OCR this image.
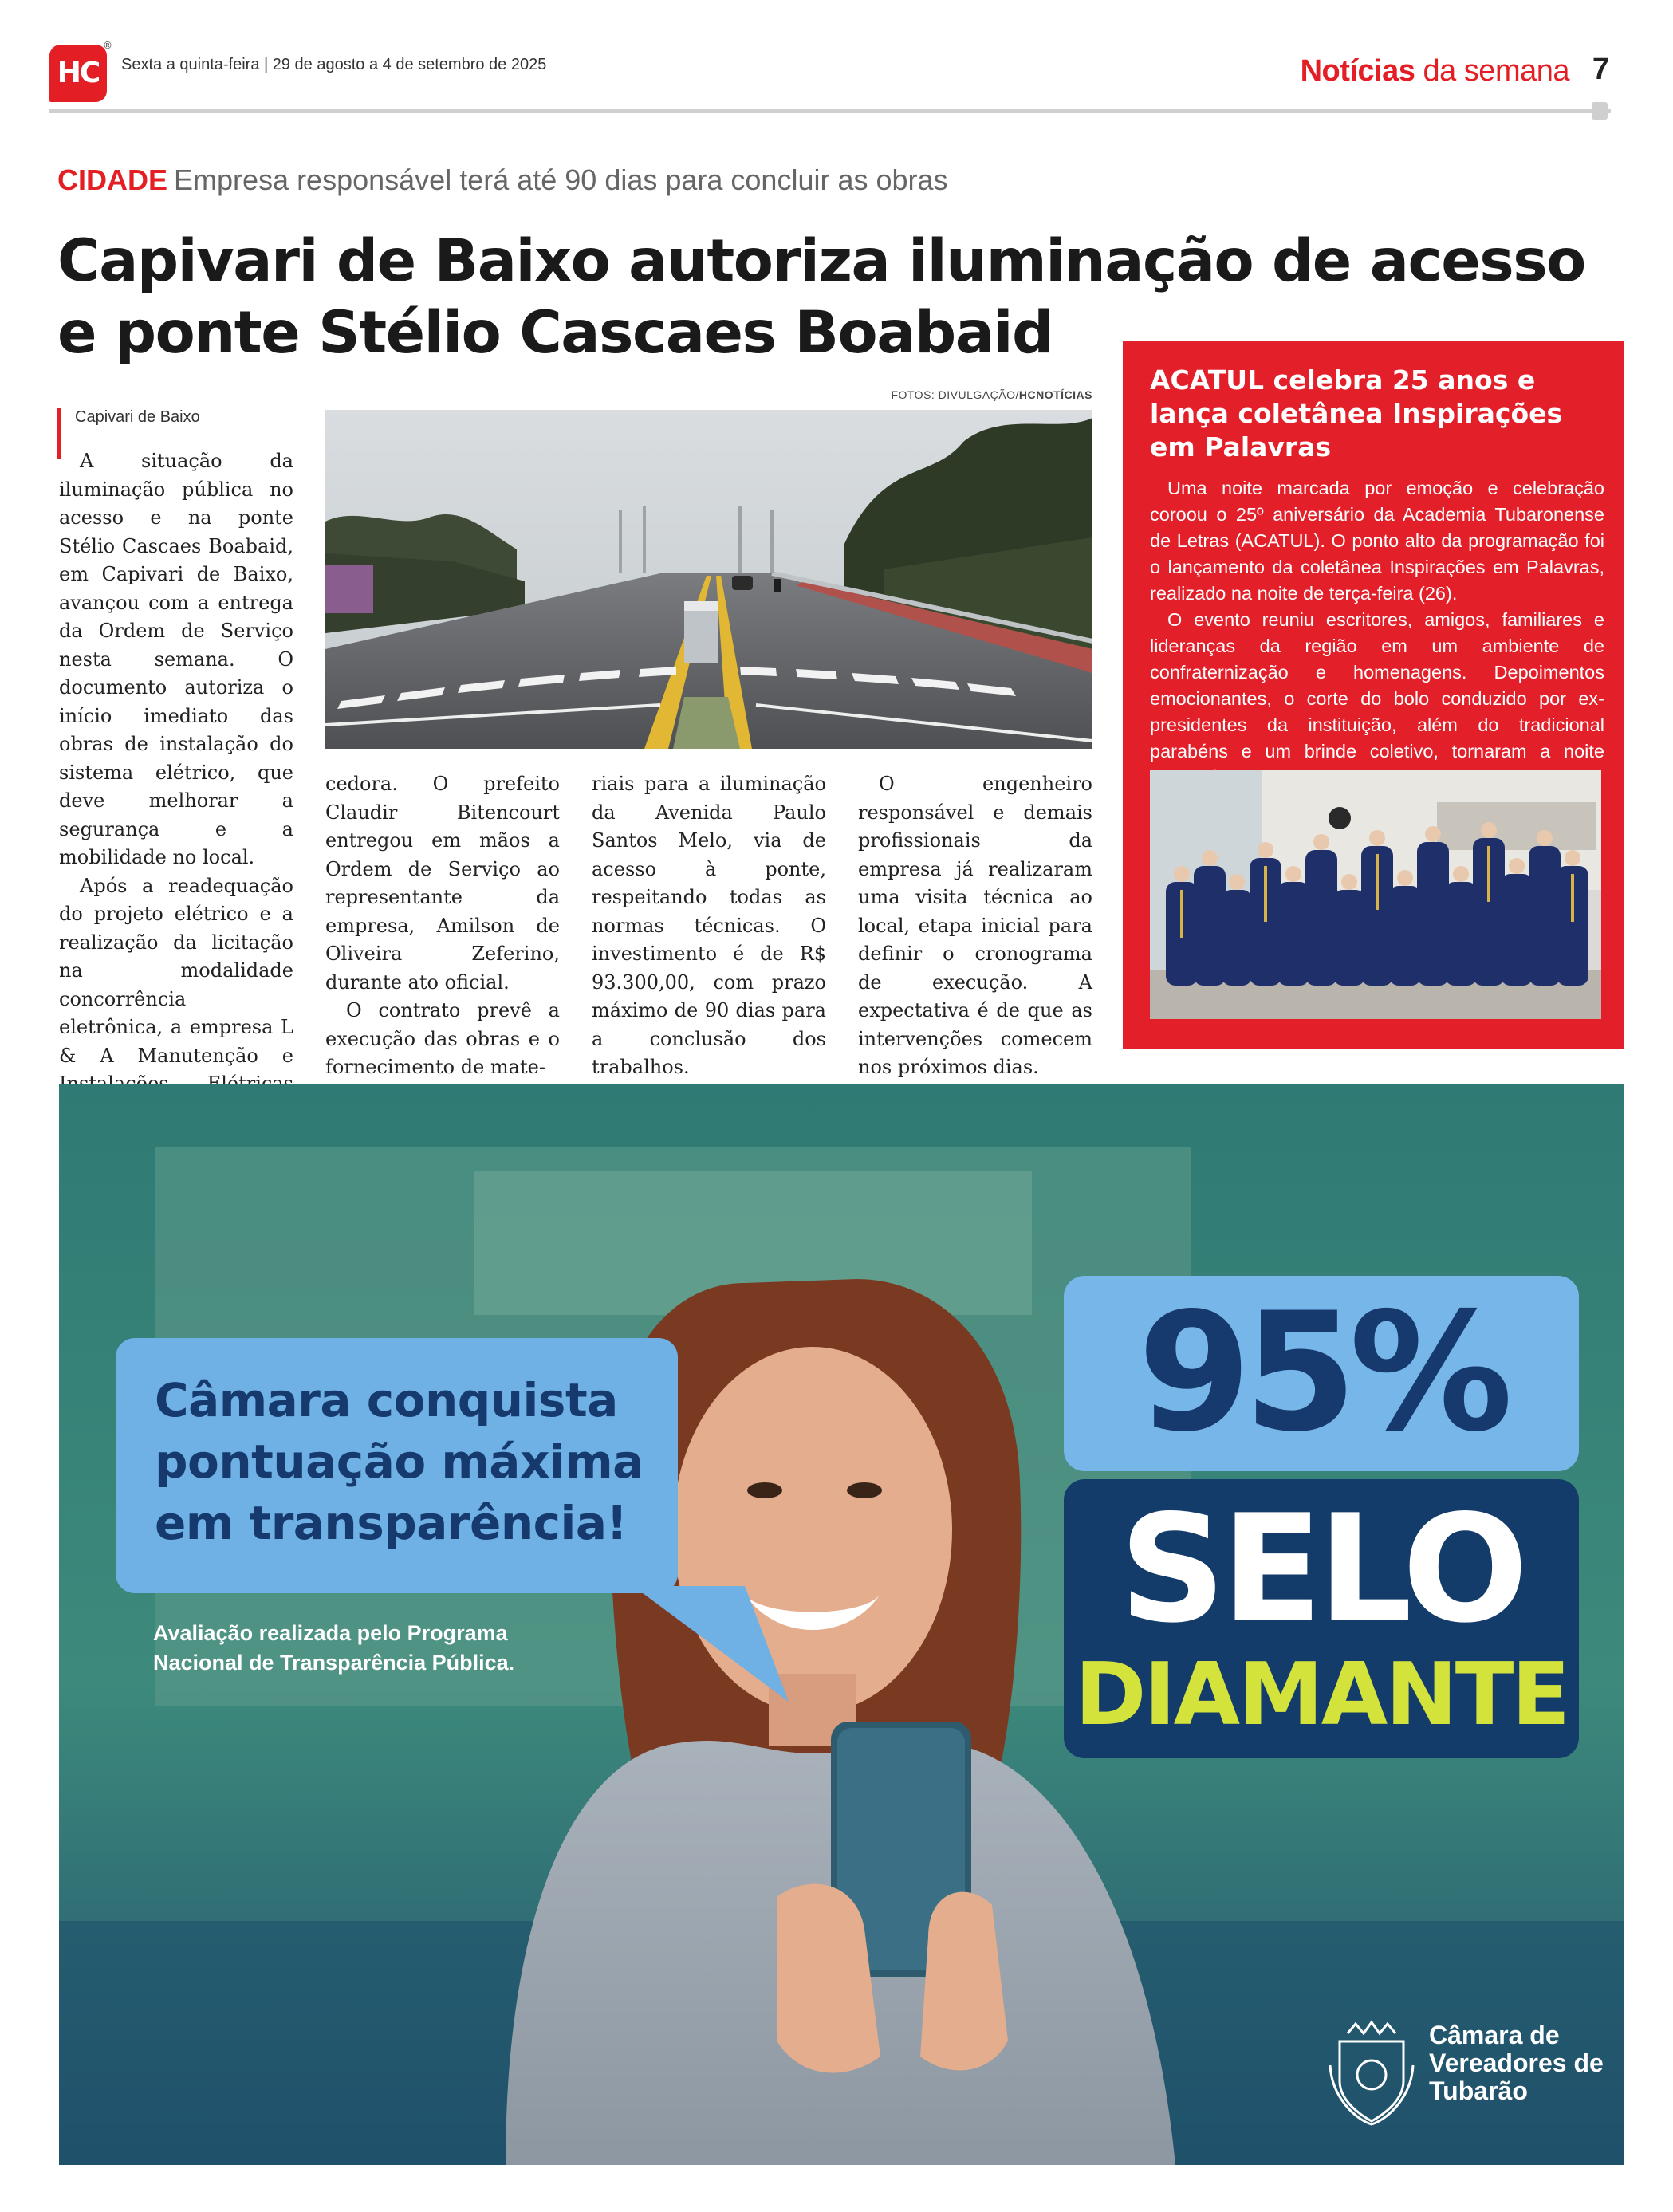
HC
®
Sexta a quinta-feira | 29 de agosto a 4 de setembro de 2025	Notícias da semana 7
CIDADE Empresa responsável terá até 90 dias para concluir as obras
Capivari de Baixo autoriza iluminação de acesso e ponte Stélio Cascaes Boabaid
FOTOS: DIVULGAÇÃO/HCNOTÍCIAS
Capivari de Baixo

A situação da iluminação pública no acesso e na ponte Stélio Cascaes Boabaid, em Capivari de Baixo, avançou com a entrega da Ordem de Serviço nesta semana. O documento autoriza o início imediato das obras de instalação do sistema elétrico, que deve melhorar a segurança e a mobilidade no local.

Após a readequação do projeto elétrico e a realização da licitação na modalidade concorrência eletrônica, a empresa L & A Manutenção e

cedora. O prefeito Claudir Bitencourt entregou em mãos a Ordem de Serviço ao representante da empresa, Amilson de Oliveira Zeferino, durante ato oficial.

O contrato prevê a execução das obras e o fornecimento de mate-

riais para a iluminação da Avenida Paulo Santos Melo, via de acesso à ponte, respeitando todas as normas técnicas. O investimento é de R$ 93.300,00, com prazo máximo de 90 dias para a conclusão dos trabalhos.

O engenheiro responsável e demais profissionais da empresa já realizaram uma visita técnica ao local, etapa inicial para definir o cronograma de execução. A expectativa é de que as intervenções comecem nos próximos dias.

ACATUL celebra 25 anos e lança coletânea Inspirações em Palavras

Uma noite marcada por emoção e celebração coroou o 25º aniversário da Academia Tubaronense de Letras (ACATUL). O ponto alto da programação foi o lançamento da coletânea Inspirações em Palavras, realizado na noite de terça-feira (26).

O evento reuniu escritores, amigos, familiares e lideranças da região em um ambiente de confraternização e homenagens. Depoimentos emocionantes, o corte do bolo conduzido por ex-presidentes da instituição, além do tradicional parabéns e um brinde coletivo, tornaram a noite

Câmara conquista pontuação máxima em transparência!

Avaliação realizada pelo Programa Nacional de Transparência Pública.
95%
SELO
DIAMANTE
Câmara de Vereadores de Tubarão
